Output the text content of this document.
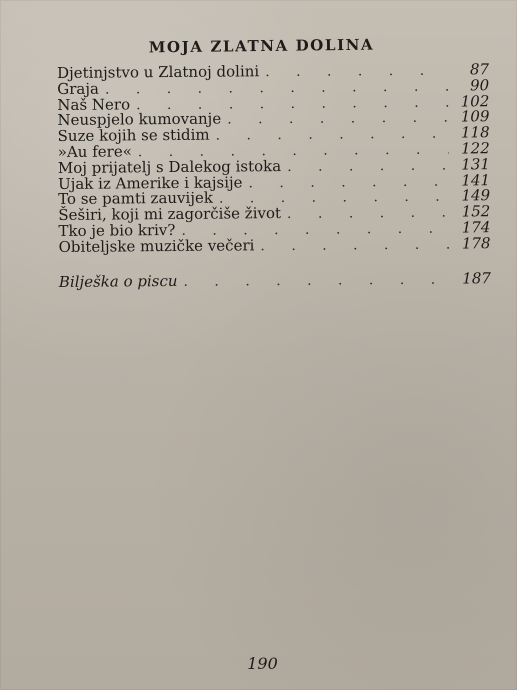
MOJA ZLATNA DOLINA
Djetinjstvo u Zlatnoj dolini . . .	87
Graja . . .	90
Naš Nero . . .	102
Neuspjelo kumovanje . . .	109
Suze kojih se stidim . . .	118
»Au fere« . . .	122
Moj prijatelj s Dalekog istoka . . .	131
Ujak iz Amerike i kajsije . . .	141
To se pamti zauvijek . . .	149
Šeširi, koji mi zagorčiše život . . .	152
Tko je bio kriv? . . .	174
Obiteljske muzičke večeri . . .	178
Bilješka o piscu . . .	187
190
